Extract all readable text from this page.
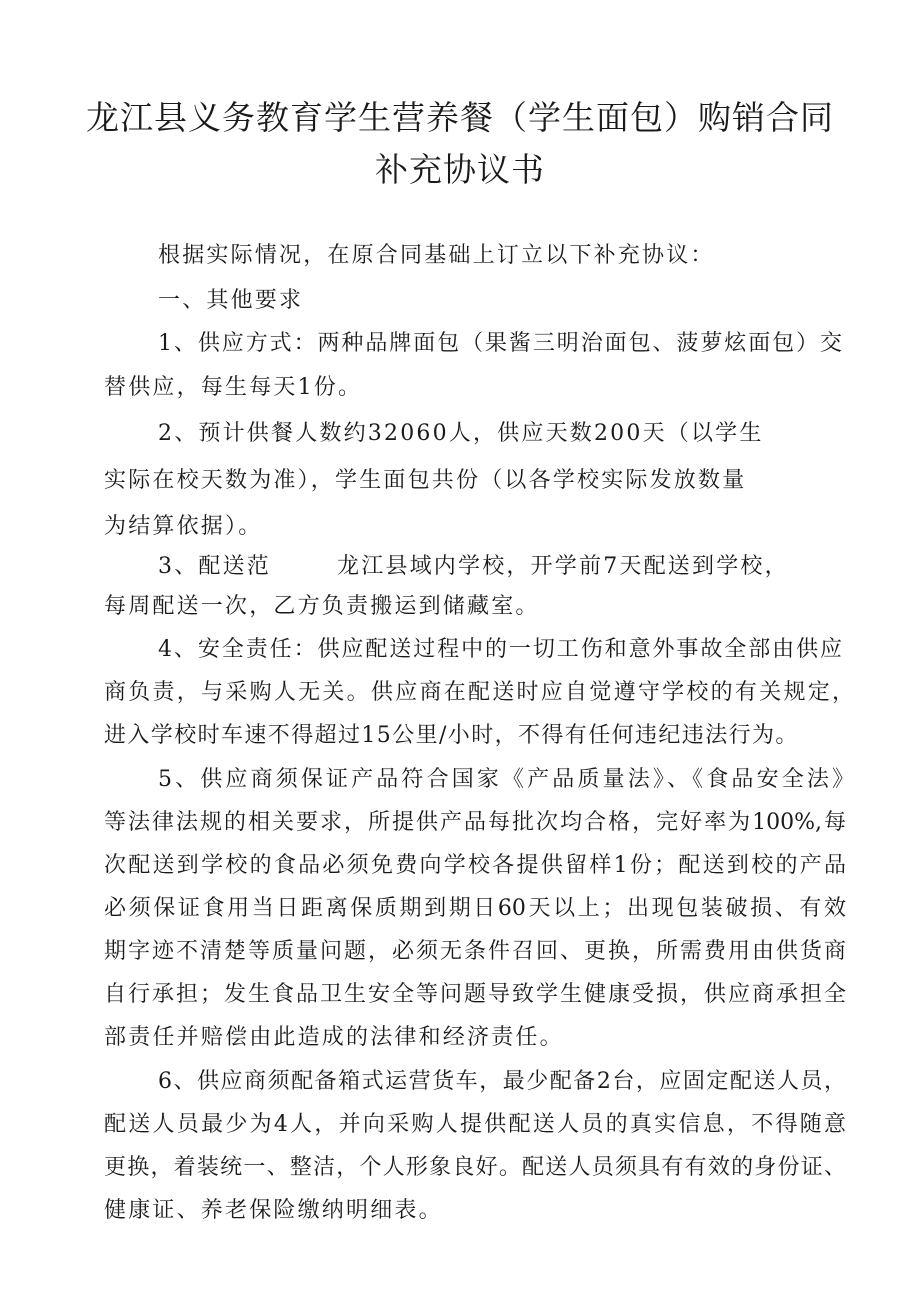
龙江县义务教育学生营养餐（学生面包）购销合同
补充协议书
根据实际情况，在原合同基础上订立以下补充协议：
一、其他要求
1、供应方式：两种品牌面包（果酱三明治面包、菠萝炫面包）交
替供应，每生每天1份。
2、预计供餐人数约32060人，供应天数200天（以学生
实际在校天数为准），学生面包共份（以各学校实际发放数量
为结算依据）。
3、配送范	龙江县域内学校，开学前7天配送到学校，
每周配送一次，乙方负责搬运到储藏室。
4、安全责任：供应配送过程中的一切工伤和意外事故全部由供应
商负责，与采购人无关。供应商在配送时应自觉遵守学校的有关规定，
进入学校时车速不得超过15公里/小时，不得有任何违纪违法行为。
5、供应商须保证产品符合国家《产品质量法》、《食品安全法》
等法律法规的相关要求，所提供产品每批次均合格，完好率为100%,每
次配送到学校的食品必须免费向学校各提供留样1份；配送到校的产品
必须保证食用当日距离保质期到期日60天以上；出现包装破损、有效
期字迹不清楚等质量问题，必须无条件召回、更换，所需费用由供货商
自行承担；发生食品卫生安全等问题导致学生健康受损，供应商承担全
部责任并赔偿由此造成的法律和经济责任。
6、供应商须配备箱式运营货车，最少配备2台，应固定配送人员，
配送人员最少为4人，并向采购人提供配送人员的真实信息，不得随意
更换，着装统一、整洁，个人形象良好。配送人员须具有有效的身份证、
健康证、养老保险缴纳明细表。
